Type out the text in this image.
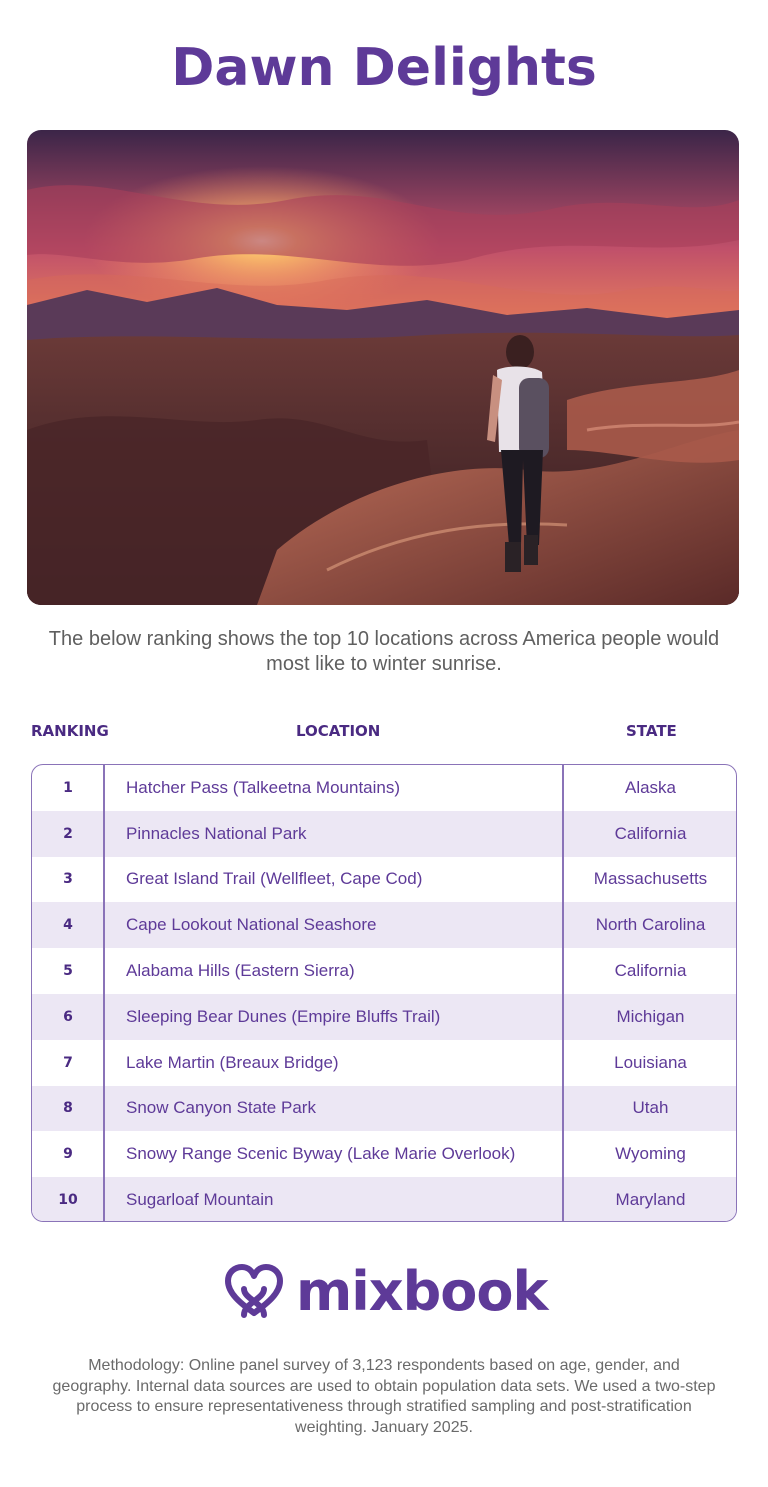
Dawn Delights
The below ranking shows the top 10 locations across America people would most like to winter sunrise.
RANKING	LOCATION	STATE
1	Hatcher Pass (Talkeetna Mountains)	Alaska
2	Pinnacles National Park	California
3	Great Island Trail (Wellfleet, Cape Cod)	Massachusetts
4	Cape Lookout National Seashore	North Carolina
5	Alabama Hills (Eastern Sierra)	California
6	Sleeping Bear Dunes (Empire Bluffs Trail)	Michigan
7	Lake Martin (Breaux Bridge)	Louisiana
8	Snow Canyon State Park	Utah
9	Snowy Range Scenic Byway (Lake Marie Overlook)	Wyoming
10	Sugarloaf Mountain	Maryland
mixbook
Methodology: Online panel survey of 3,123 respondents based on age, gender, and geography. Internal data sources are used to obtain population data sets. We used a two-step process to ensure representativeness through stratified sampling and post-stratification weighting. January 2025.
